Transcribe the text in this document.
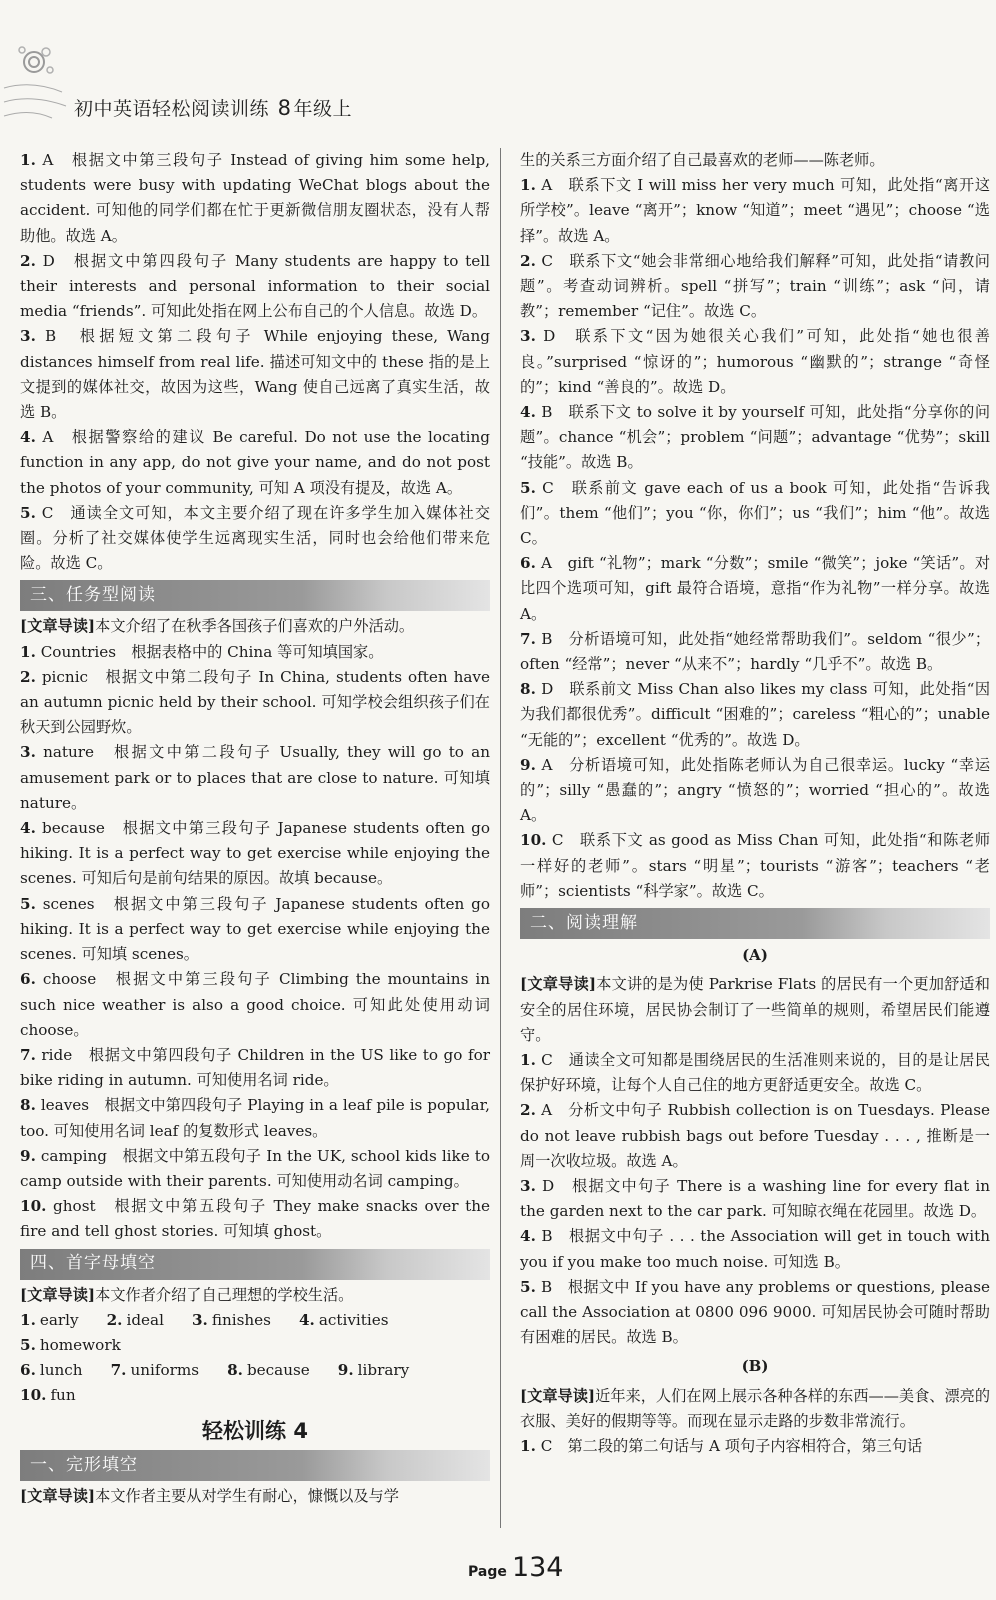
初中英语轻松阅读训练 8 年级上

1. A　根据文中第三段句子 Instead of giving him some help, students were busy with updating WeChat blogs about the accident. 可知他的同学们都在忙于更新微信朋友圈状态，没有人帮助他。故选 A。

2. D　根据文中第四段句子 Many students are happy to tell their interests and personal information to their social media “friends”. 可知此处指在网上公布自己的个人信息。故选 D。

3. B　根据短文第二段句子 While enjoying these, Wang distances himself from real life. 描述可知文中的 these 指的是上文提到的媒体社交，故因为这些，Wang 使自己远离了真实生活，故选 B。

4. A　根据警察给的建议 Be careful. Do not use the locating function in any app, do not give your name, and do not post the photos of your community, 可知 A 项没有提及，故选 A。

5. C　通读全文可知，本文主要介绍了现在许多学生加入媒体社交圈。分析了社交媒体使学生远离现实生活，同时也会给他们带来危险。故选 C。

三、任务型阅读

[文章导读]本文介绍了在秋季各国孩子们喜欢的户外活动。

1. Countries　根据表格中的 China 等可知填国家。

2. picnic　根据文中第二段句子 In China, students often have an autumn picnic held by their school. 可知学校会组织孩子们在秋天到公园野炊。

3. nature　根据文中第二段句子 Usually, they will go to an amusement park or to places that are close to nature. 可知填 nature。

4. because　根据文中第三段句子 Japanese students often go hiking. It is a perfect way to get exercise while enjoying the scenes. 可知后句是前句结果的原因。故填 because。

5. scenes　根据文中第三段句子 Japanese students often go hiking. It is a perfect way to get exercise while enjoying the scenes. 可知填 scenes。

6. choose　根据文中第三段句子 Climbing the mountains in such nice weather is also a good choice. 可知此处使用动词 choose。

7. ride　根据文中第四段句子 Children in the US like to go for bike riding in autumn. 可知使用名词 ride。

8. leaves　根据文中第四段句子 Playing in a leaf pile is popular, too. 可知使用名词 leaf 的复数形式 leaves。

9. camping　根据文中第五段句子 In the UK, school kids like to camp outside with their parents. 可知使用动名词 camping。

10. ghost　根据文中第五段句子 They make snacks over the fire and tell ghost stories. 可知填 ghost。

四、首字母填空

[文章导读]本文作者介绍了自己理想的学校生活。

1. early	2. ideal	3. finishes	4. activities
5. homework
6. lunch	7. uniforms	8. because	9. library
10. fun
轻松训练 4
一、完形填空

[文章导读]本文作者主要从对学生有耐心，慷慨以及与学

生的关系三方面介绍了自己最喜欢的老师——陈老师。

1. A　联系下文 I will miss her very much 可知，此处指“离开这所学校”。leave “离开”；know “知道”；meet “遇见”；choose “选择”。故选 A。

2. C　联系下文“她会非常细心地给我们解释”可知，此处指“请教问题”。考查动词辨析。spell “拼写”；train “训练”；ask “问，请教”；remember “记住”。故选 C。

3. D　联系下文“因为她很关心我们”可知，此处指“她也很善良。”surprised “惊讶的”；humorous “幽默的”；strange “奇怪的”；kind “善良的”。故选 D。

4. B　联系下文 to solve it by yourself 可知，此处指“分享你的问题”。chance “机会”；problem “问题”；advantage “优势”；skill “技能”。故选 B。

5. C　联系前文 gave each of us a book 可知，此处指“告诉我们”。them “他们”；you “你，你们”；us “我们”；him “他”。故选 C。

6. A　gift “礼物”；mark “分数”；smile “微笑”；joke “笑话”。对比四个选项可知，gift 最符合语境，意指“作为礼物”一样分享。故选 A。

7. B　分析语境可知，此处指“她经常帮助我们”。seldom “很少”；often “经常”；never “从来不”；hardly “几乎不”。故选 B。

8. D　联系前文 Miss Chan also likes my class 可知，此处指“因为我们都很优秀”。difficult “困难的”；careless “粗心的”；unable “无能的”；excellent “优秀的”。故选 D。

9. A　分析语境可知，此处指陈老师认为自己很幸运。lucky “幸运的”；silly “愚蠢的”；angry “愤怒的”；worried “担心的”。故选 A。

10. C　联系下文 as good as Miss Chan 可知，此处指“和陈老师一样好的老师”。stars “明星”；tourists “游客”；teachers “老师”；scientists “科学家”。故选 C。

二、阅读理解
(A)

[文章导读]本文讲的是为使 Parkrise Flats 的居民有一个更加舒适和安全的居住环境，居民协会制订了一些简单的规则，希望居民们能遵守。

1. C　通读全文可知都是围绕居民的生活准则来说的，目的是让居民保护好环境，让每个人自己住的地方更舒适更安全。故选 C。

2. A　分析文中句子 Rubbish collection is on Tuesdays. Please do not leave rubbish bags out before Tuesday . . . , 推断是一周一次收垃圾。故选 A。

3. D　根据文中句子 There is a washing line for every flat in the garden next to the car park. 可知晾衣绳在花园里。故选 D。

4. B　根据文中句子 . . . the Association will get in touch with you if you make too much noise. 可知选 B。

5. B　根据文中 If you have any problems or questions, please call the Association at 0800 096 9000. 可知居民协会可随时帮助有困难的居民。故选 B。

(B)

[文章导读]近年来，人们在网上展示各种各样的东西——美食、漂亮的衣服、美好的假期等等。而现在显示走路的步数非常流行。

1. C　第二段的第二句话与 A 项句子内容相符合，第三句话

Page 134
